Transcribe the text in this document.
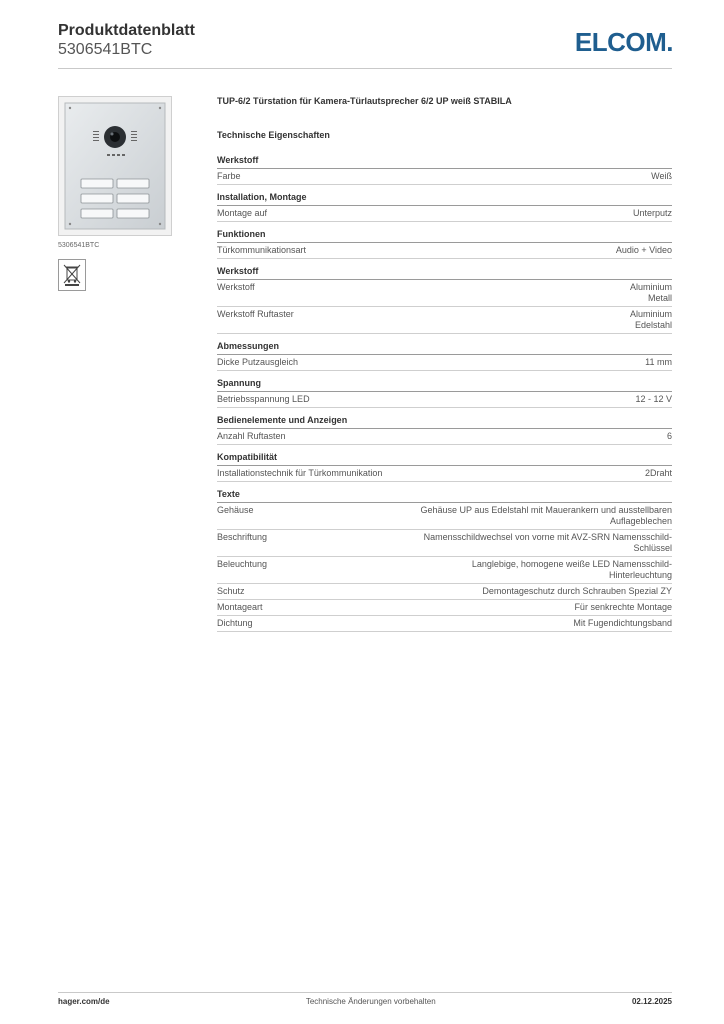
Produktdatenblatt
5306541BTC	ELCOM.
5306541BTC
TUP-6/2 Türstation für Kamera-Türlautsprecher 6/2 UP weiß STABILA
Technische Eigenschaften
Werkstoff
Farbe	Weiß
Installation, Montage
Montage auf	Unterputz
Funktionen
Türkommunikationsart	Audio + Video
Werkstoff
Werkstoff	Aluminium
Metall
Werkstoff Ruftaster	Aluminium
Edelstahl
Abmessungen
Dicke Putzausgleich	11 mm
Spannung
Betriebsspannung LED	12 - 12 V
Bedienelemente und Anzeigen
Anzahl Ruftasten	6
Kompatibilität
Installationstechnik für Türkommunikation	2Draht
Texte
Gehäuse	Gehäuse UP aus Edelstahl mit Mauerankern und ausstellbaren
Auflageblechen
Beschriftung	Namensschildwechsel von vorne mit AVZ-SRN Namensschild-
Schlüssel
Beleuchtung	Langlebige, homogene weiße LED Namensschild-
Hinterleuchtung
Schutz	Demontageschutz durch Schrauben Spezial ZY
Montageart	Für senkrechte Montage
Dichtung	Mit Fugendichtungsband
hager.com/de	Technische Änderungen vorbehalten	02.12.2025
